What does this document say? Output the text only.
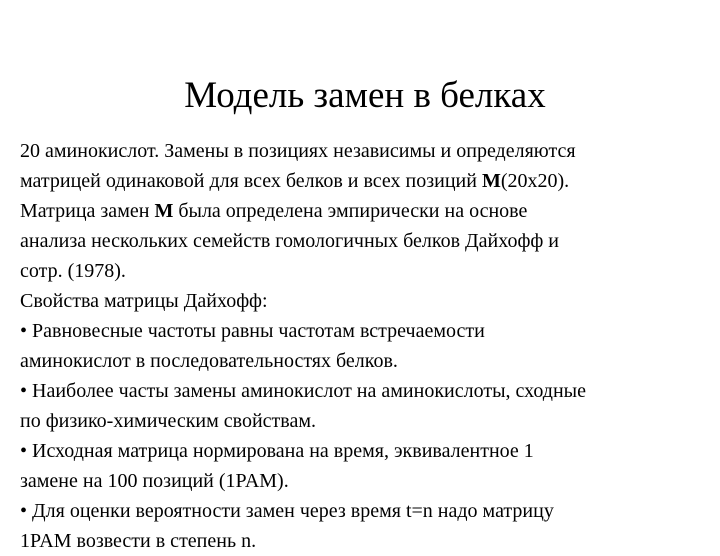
Модель замен в белках
20 аминокислот. Замены в позициях независимы и определяются
матрицей одинаковой для всех белков и всех позиций M(20x20).
Матрица замен M была определена эмпирически на основе
анализа нескольких семейств гомологичных белков Дайхофф и
сотр. (1978).
Свойства матрицы Дайхофф:
• Равновесные частоты равны частотам встречаемости
аминокислот в последовательностях белков.
• Наиболее часты замены аминокислот на аминокислоты, сходные
по физико-химическим свойствам.
• Исходная матрица нормирована на время, эквивалентное 1
замене на 100 позиций (1PAM).
• Для оценки вероятности замен через время t=n надо матрицу
1PAM возвести в степень n.
